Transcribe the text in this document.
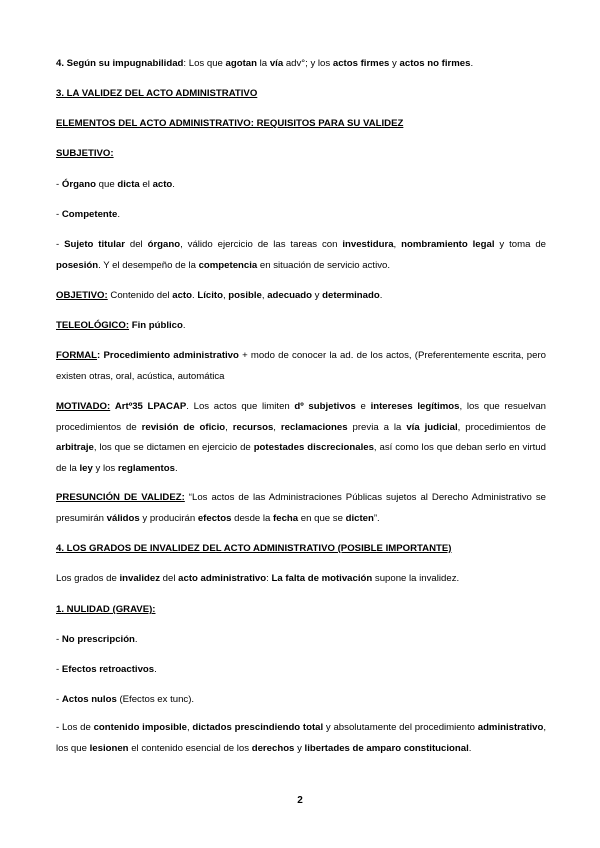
4. Según su impugnabilidad: Los que agotan la vía adv°; y los actos firmes y actos no firmes.

3. LA VALIDEZ DEL ACTO ADMINISTRATIVO

ELEMENTOS DEL ACTO ADMINISTRATIVO: REQUISITOS PARA SU VALIDEZ

SUBJETIVO:

- Órgano que dicta el acto.

- Competente.

- Sujeto titular del órgano, válido ejercicio de las tareas con investidura, nombramiento legal y toma de posesión. Y el desempeño de la competencia en situación de servicio activo.

OBJETIVO: Contenido del acto. Lícito, posible, adecuado y determinado.

TELEOLÓGICO: Fin público.

FORMAL: Procedimiento administrativo + modo de conocer la ad. de los actos, (Preferentemente escrita, pero existen otras, oral, acústica, automática

MOTIVADO: Artº35 LPACAP. Los actos que limiten dº subjetivos e intereses legítimos, los que resuelvan procedimientos de revisión de oficio, recursos, reclamaciones previa a la vía judicial, procedimientos de arbitraje, los que se dictamen en ejercicio de potestades discrecionales, así como los que deban serlo en virtud de la ley y los reglamentos.

PRESUNCIÓN DE VALIDEZ: “Los actos de las Administraciones Públicas sujetos al Derecho Administrativo se presumirán válidos y producirán efectos desde la fecha en que se dicten”.

4. LOS GRADOS DE INVALIDEZ DEL ACTO ADMINISTRATIVO (POSIBLE IMPORTANTE)

Los grados de invalidez del acto administrativo: La falta de motivación supone la invalidez.

1. NULIDAD (GRAVE):

- No prescripción.

- Efectos retroactivos.

- Actos nulos (Efectos ex tunc).

- Los de contenido imposible, dictados prescindiendo total y absolutamente del procedimiento administrativo, los que lesionen el contenido esencial de los derechos y libertades de amparo constitucional.

2
